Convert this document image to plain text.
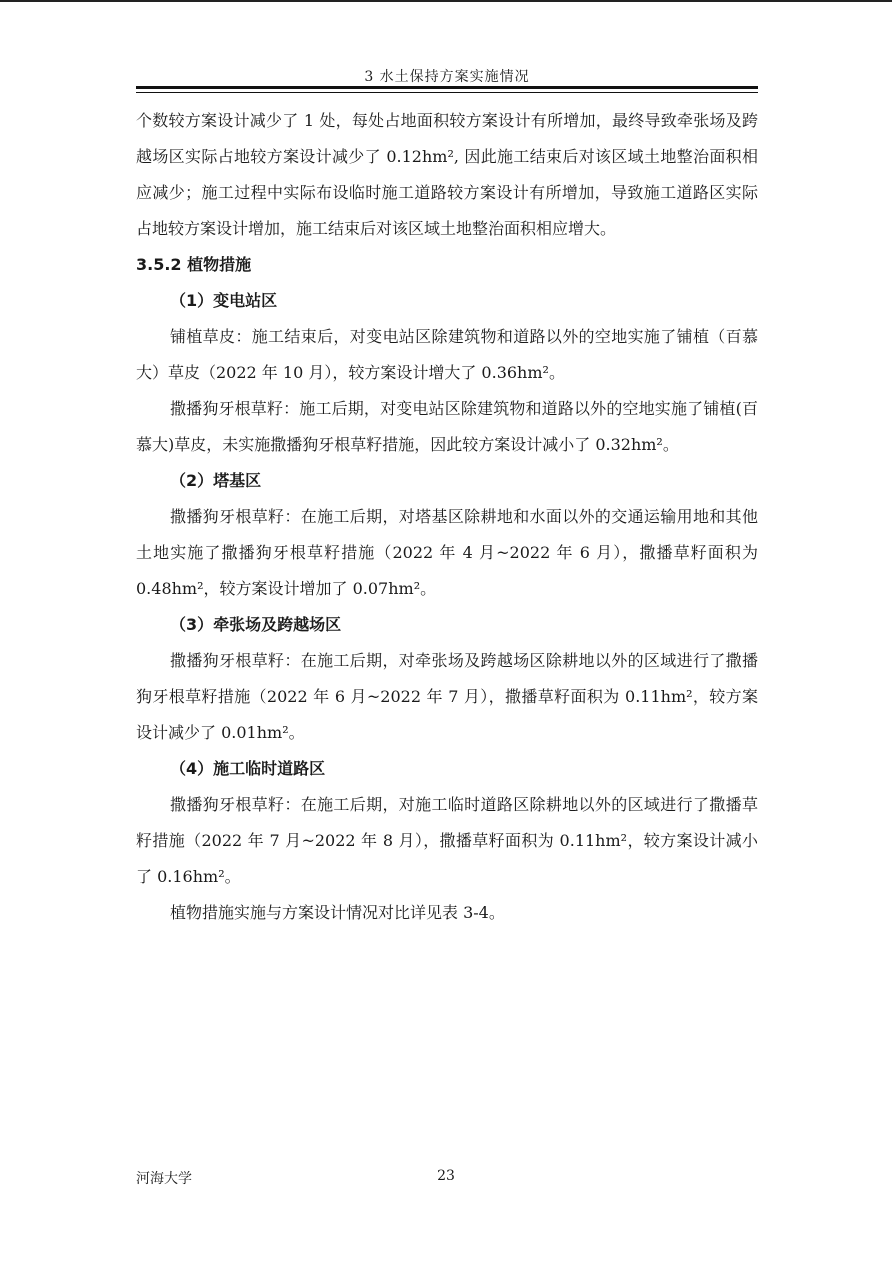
3 水土保持方案实施情况

个数较方案设计减少了 1 处，每处占地面积较方案设计有所增加，最终导致牵张场及跨越场区实际占地较方案设计减少了 0.12hm², 因此施工结束后对该区域土地整治面积相应减少；施工过程中实际布设临时施工道路较方案设计有所增加，导致施工道路区实际占地较方案设计增加，施工结束后对该区域土地整治面积相应增大。

3.5.2 植物措施

（1）变电站区

铺植草皮：施工结束后，对变电站区除建筑物和道路以外的空地实施了铺植（百慕大）草皮（2022 年 10 月），较方案设计增大了 0.36hm²。

撒播狗牙根草籽：施工后期，对变电站区除建筑物和道路以外的空地实施了铺植(百慕大)草皮，未实施撒播狗牙根草籽措施，因此较方案设计减小了 0.32hm²。

（2）塔基区

撒播狗牙根草籽：在施工后期，对塔基区除耕地和水面以外的交通运输用地和其他土地实施了撒播狗牙根草籽措施（2022 年 4 月~2022 年 6 月），撒播草籽面积为 0.48hm²，较方案设计增加了 0.07hm²。

（3）牵张场及跨越场区

撒播狗牙根草籽：在施工后期，对牵张场及跨越场区除耕地以外的区域进行了撒播狗牙根草籽措施（2022 年 6 月~2022 年 7 月），撒播草籽面积为 0.11hm²，较方案设计减少了 0.01hm²。

（4）施工临时道路区

撒播狗牙根草籽：在施工后期，对施工临时道路区除耕地以外的区域进行了撒播草籽措施（2022 年 7 月~2022 年 8 月），撒播草籽面积为 0.11hm²，较方案设计减小了 0.16hm²。

植物措施实施与方案设计情况对比详见表 3-4。

河海大学	23
